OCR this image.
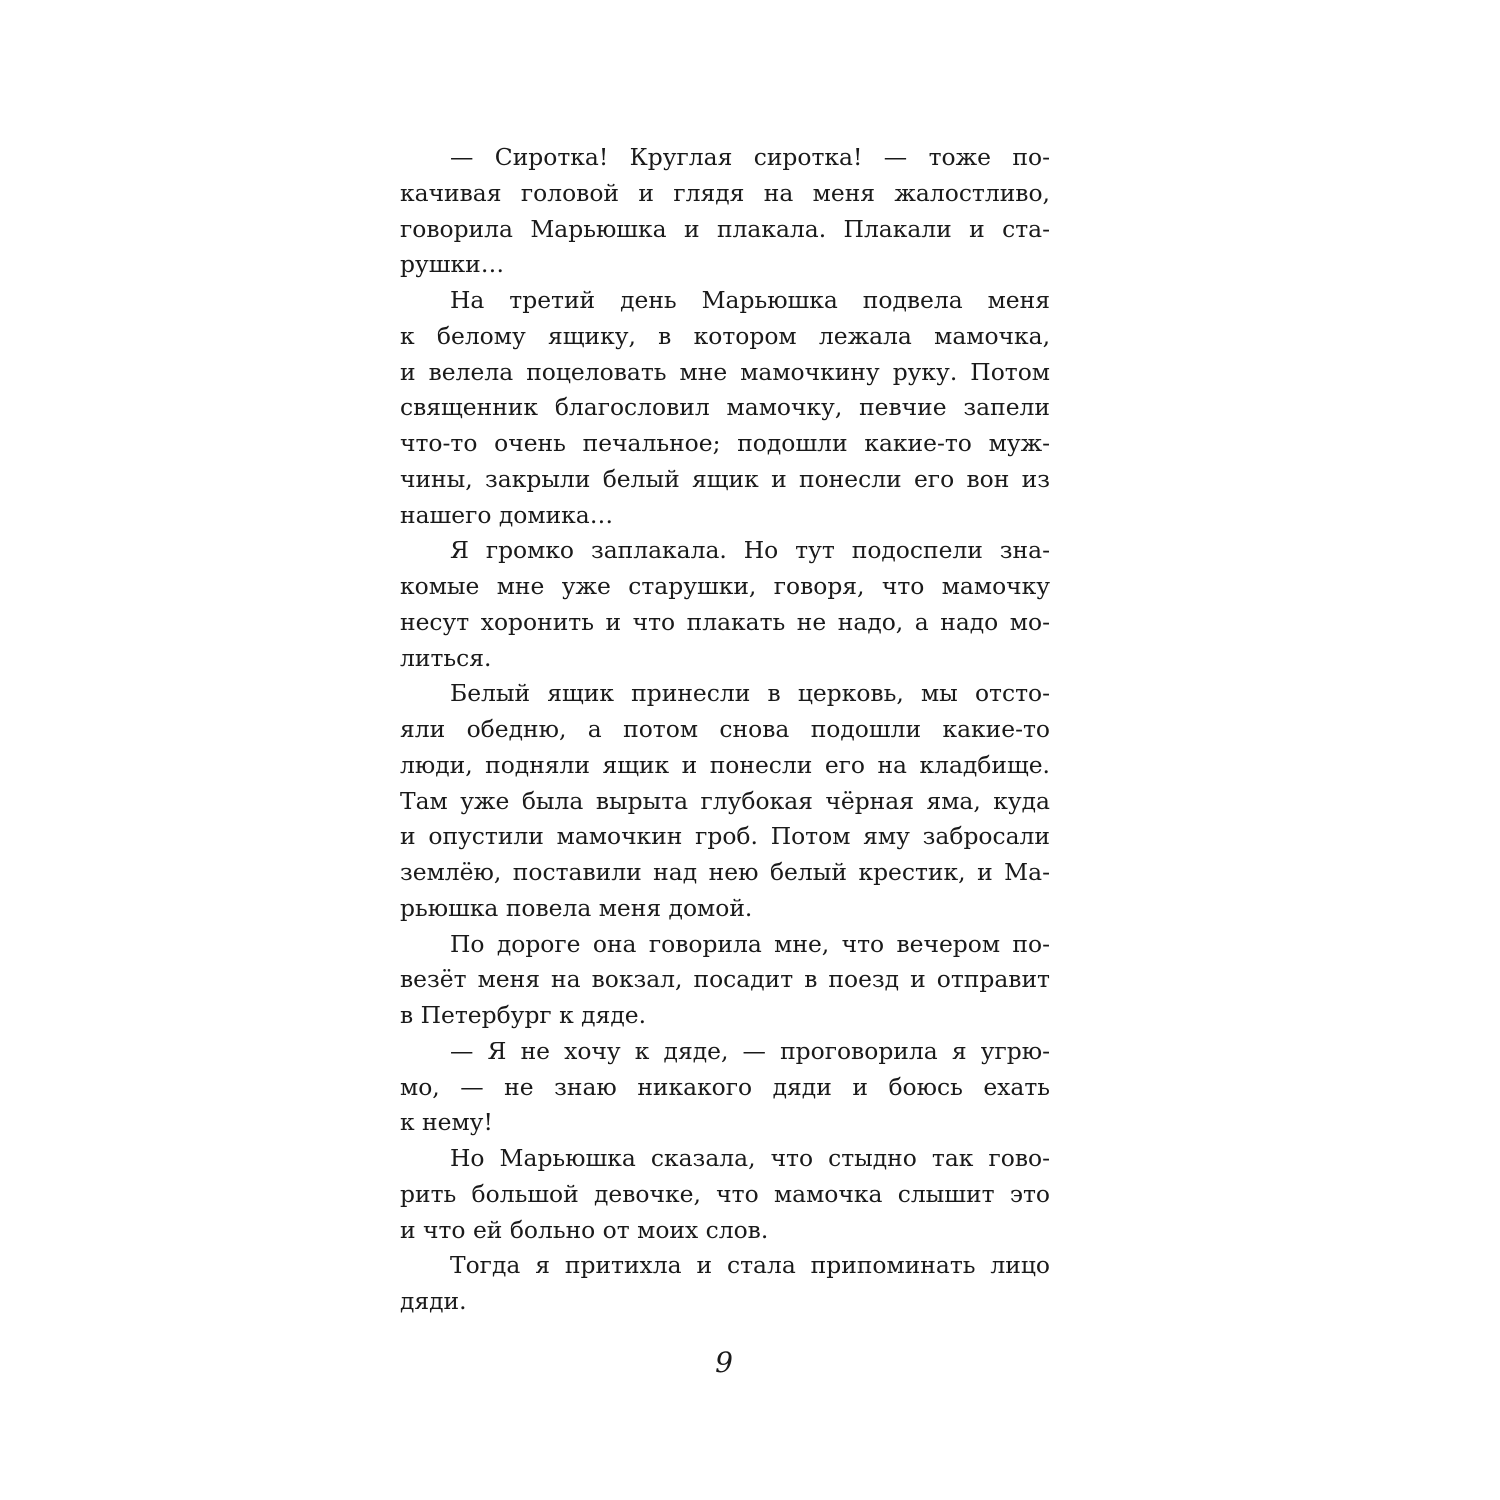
— Сиротка! Круглая сиротка! — тоже по-
качивая головой и глядя на меня жалостливо,
говорила Марьюшка и плакала. Плакали и ста-
рушки…
На третий день Марьюшка подвела меня
к белому ящику, в котором лежала мамочка,
и велела поцеловать мне мамочкину руку. Потом
священник благословил мамочку, певчие запели
что-то очень печальное; подошли какие-то муж-
чины, закрыли белый ящик и понесли его вон из
нашего домика…
Я громко заплакала. Но тут подоспели зна-
комые мне уже старушки, говоря, что мамочку
несут хоронить и что плакать не надо, а надо мо-
литься.
Белый ящик принесли в церковь, мы отсто-
яли обедню, а потом снова подошли какие-то
люди, подняли ящик и понесли его на кладбище.
Там уже была вырыта глубокая чёрная яма, куда
и опустили мамочкин гроб. Потом яму забросали
землёю, поставили над нею белый крестик, и Ма-
рьюшка повела меня домой.
По дороге она говорила мне, что вечером по-
везёт меня на вокзал, посадит в поезд и отправит
в Петербург к дяде.
— Я не хочу к дяде, — проговорила я угрю-
мо, — не знаю никакого дяди и боюсь ехать
к нему!
Но Марьюшка сказала, что стыдно так гово-
рить большой девочке, что мамочка слышит это
и что ей больно от моих слов.
Тогда я притихла и стала припоминать лицо
дяди.
9
